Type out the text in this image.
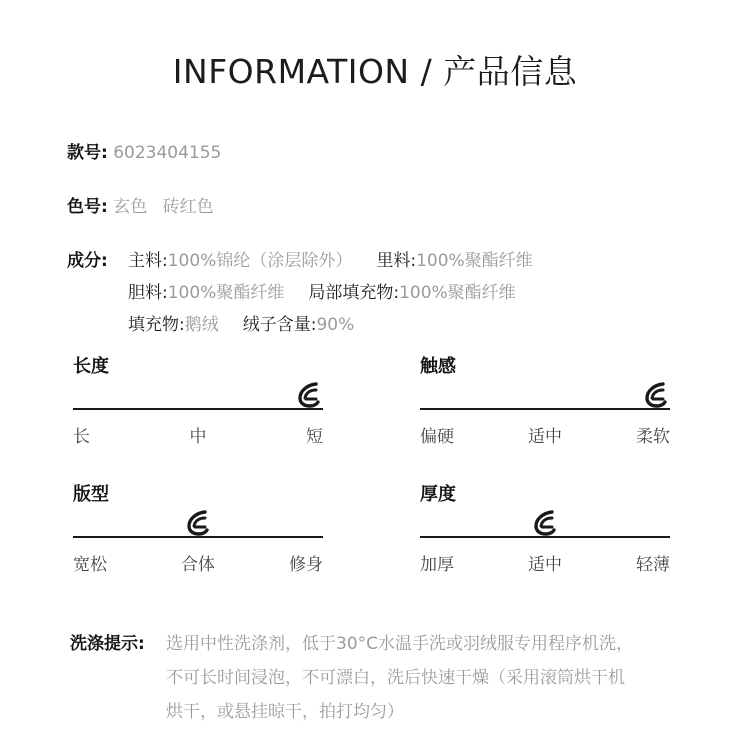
INFORMATION / 产品信息
款号: 6023404155
色号: 玄色 砖红色
成分: 主料:100%锦纶（涂层除外） 里料:100%聚酯纤维
胆料:100%聚酯纤维 局部填充物:100%聚酯纤维
填充物:鹅绒 绒子含量:90%
长度
长	中	短
触感
偏硬	适中	柔软
版型
宽松	合体	修身
厚度
加厚	适中	轻薄
洗涤提示: 选用中性洗涤剂，低于30°C水温手洗或羽绒服专用程序机洗，
不可长时间浸泡，不可漂白，洗后快速干燥（采用滚筒烘干机
烘干，或悬挂晾干，拍打均匀）
